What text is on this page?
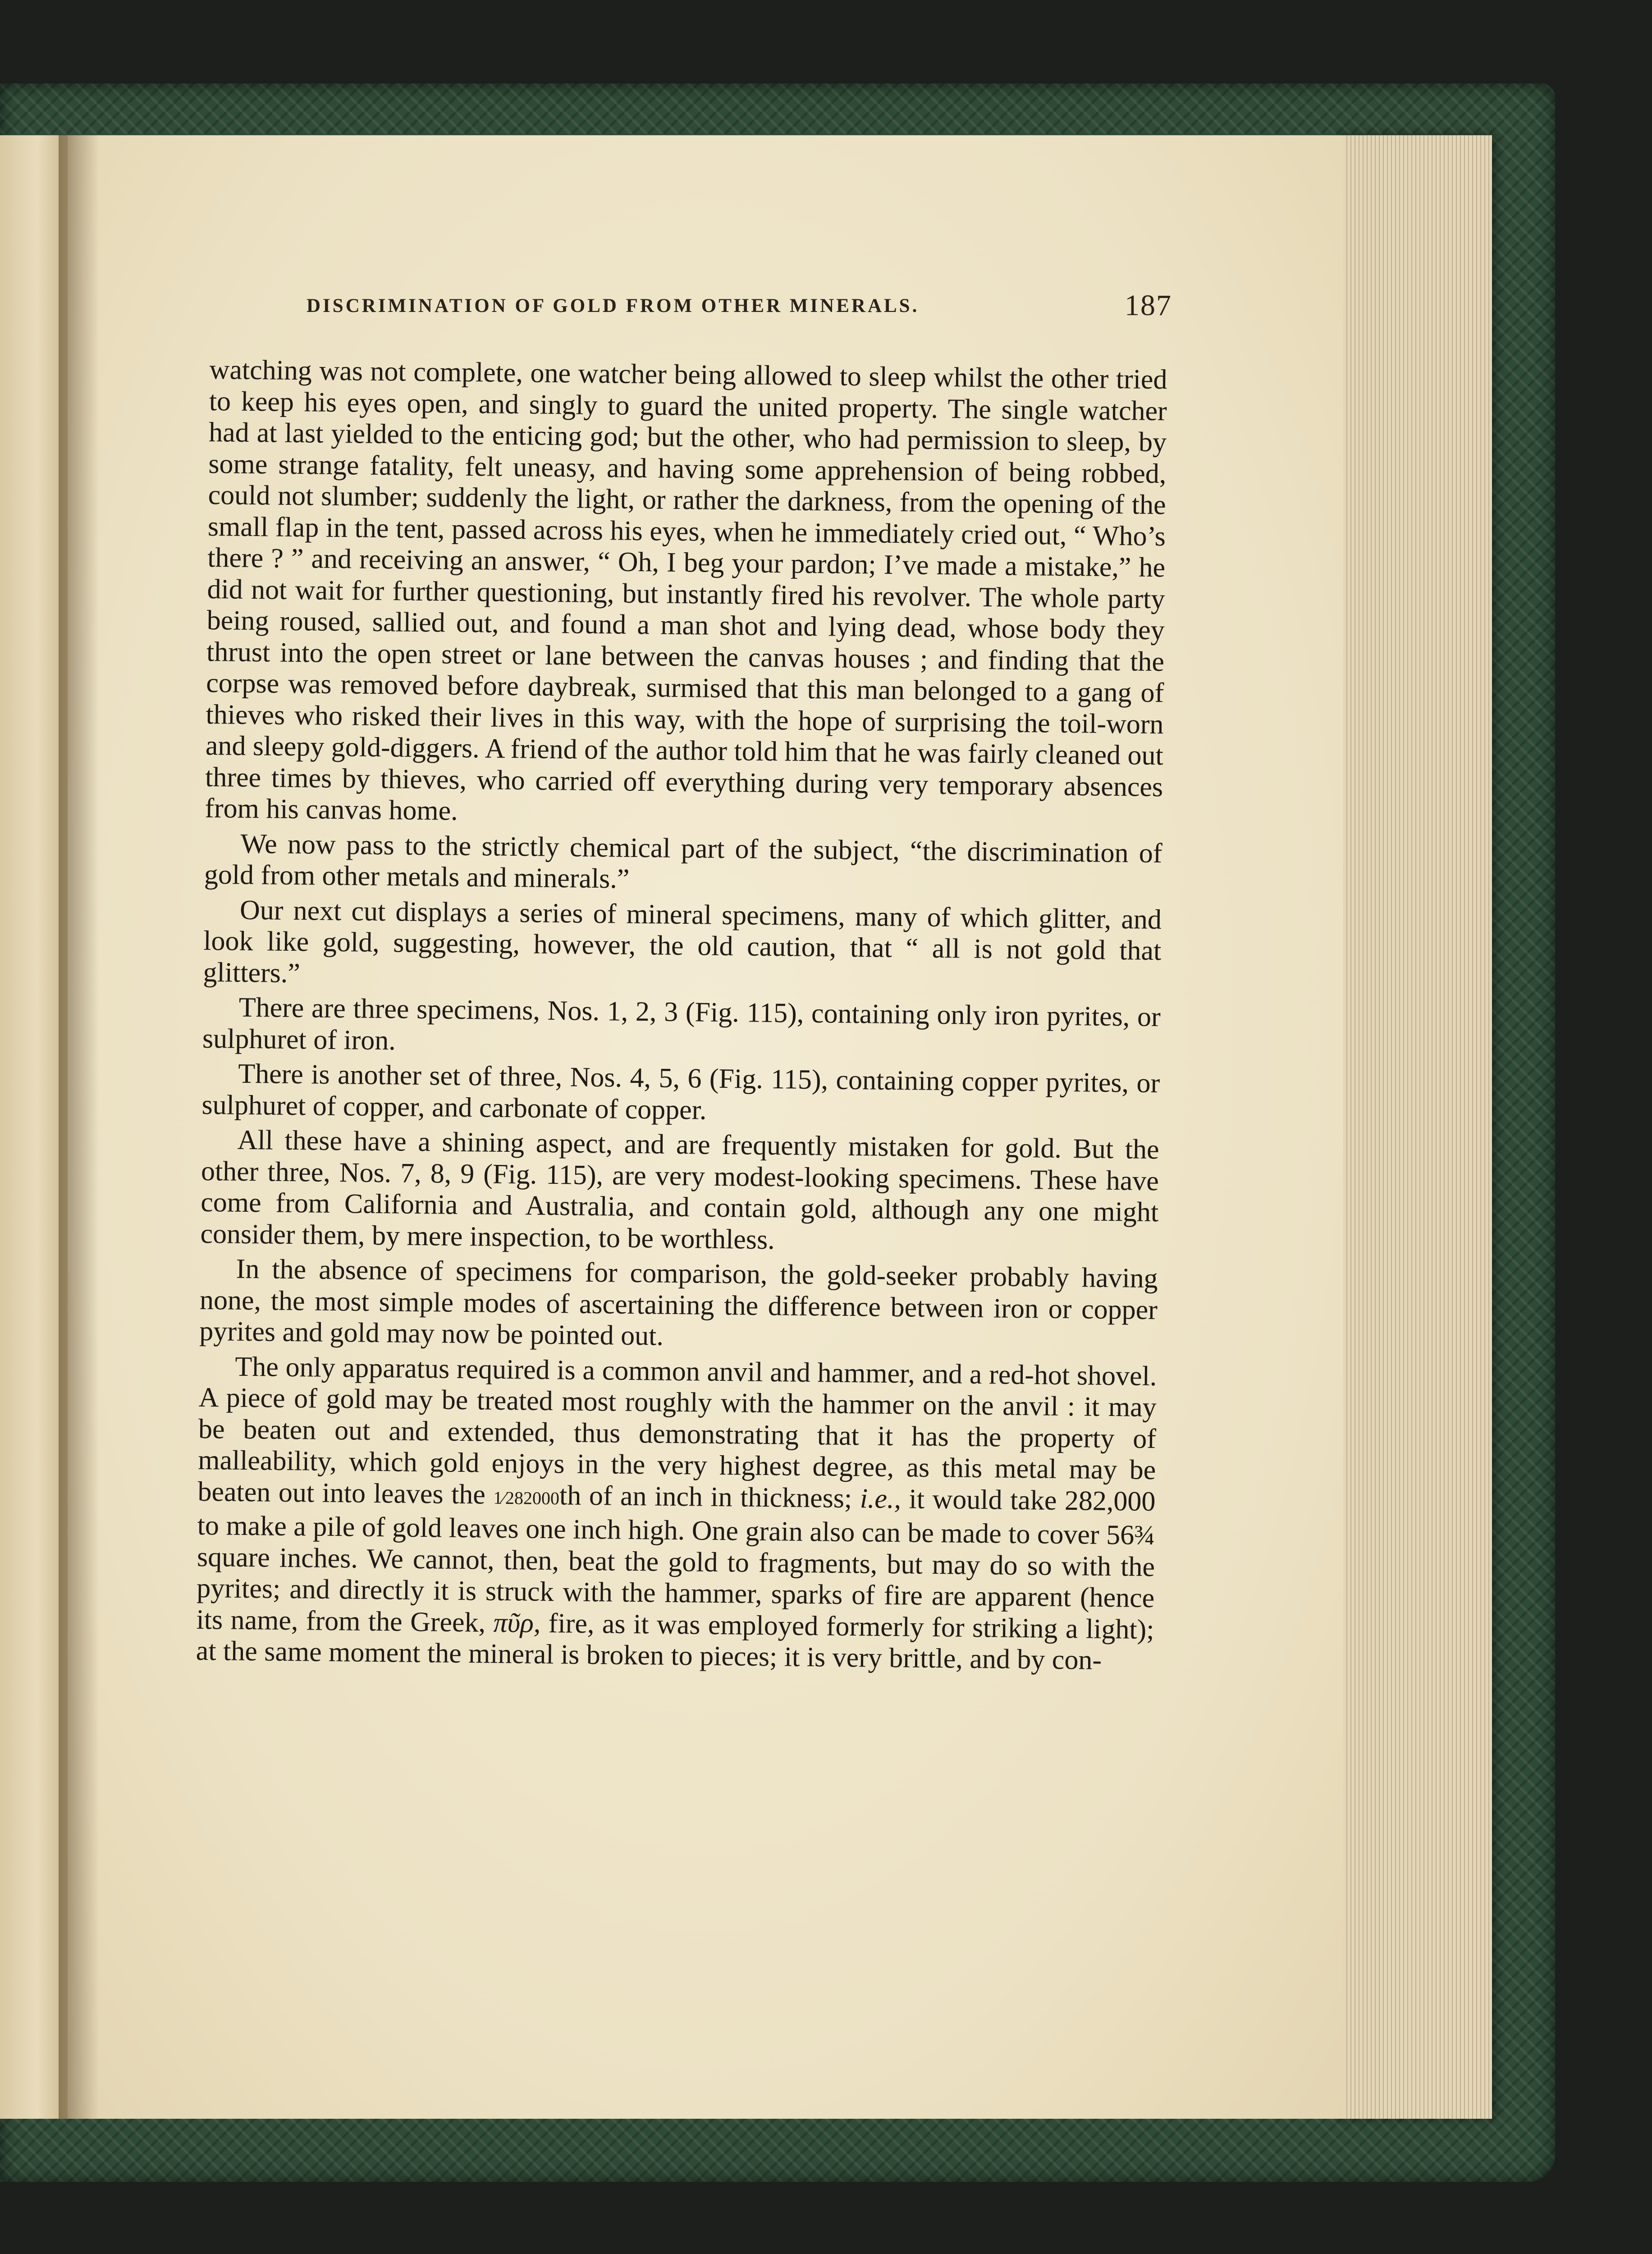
DISCRIMINATION OF GOLD FROM OTHER MINERALS.	187

watching was not complete, one watcher being allowed to sleep whilst the other tried to keep his eyes open, and singly to guard the united property. The single watcher had at last yielded to the enticing god; but the other, who had permission to sleep, by some strange fatality, felt uneasy, and having some apprehension of being robbed, could not slumber; suddenly the light, or rather the darkness, from the opening of the small flap in the tent, passed across his eyes, when he immediately cried out, “ Who’s there ? ” and receiving an answer, “ Oh, I beg your pardon; I’ve made a mistake,” he did not wait for further questioning, but instantly fired his revolver. The whole party being roused, sallied out, and found a man shot and lying dead, whose body they thrust into the open street or lane between the canvas houses ; and finding that the corpse was removed before daybreak, surmised that this man belonged to a gang of thieves who risked their lives in this way, with the hope of surprising the toil-worn and sleepy gold-diggers. A friend of the author told him that he was fairly cleaned out three times by thieves, who carried off everything during very temporary absences from his canvas home.

We now pass to the strictly chemical part of the subject, “the discrimination of gold from other metals and minerals.”

Our next cut displays a series of mineral specimens, many of which glitter, and look like gold, suggesting, however, the old caution, that “ all is not gold that glitters.”

There are three specimens, Nos. 1, 2, 3 (Fig. 115), containing only iron pyrites, or sulphuret of iron.

There is another set of three, Nos. 4, 5, 6 (Fig. 115), containing copper pyrites, or sulphuret of copper, and carbonate of copper.

All these have a shining aspect, and are frequently mistaken for gold. But the other three, Nos. 7, 8, 9 (Fig. 115), are very modest-looking specimens. These have come from California and Australia, and contain gold, although any one might consider them, by mere inspection, to be worthless.

In the absence of specimens for comparison, the gold-seeker probably having none, the most simple modes of ascertaining the difference between iron or copper pyrites and gold may now be pointed out.

The only apparatus required is a common anvil and hammer, and a red-hot shovel. A piece of gold may be treated most roughly with the hammer on the anvil : it may be beaten out and extended, thus demonstrating that it has the property of malleability, which gold enjoys in the very highest degree, as this metal may be beaten out into leaves the 1⁄282000th of an inch in thickness; i.e., it would take 282,000 to make a pile of gold leaves one inch high. One grain also can be made to cover 56¾ square inches. We cannot, then, beat the gold to fragments, but may do so with the pyrites; and directly it is struck with the hammer, sparks of fire are apparent (hence its name, from the Greek, πῦρ, fire, as it was employed formerly for striking a light); at the same moment the mineral is broken to pieces; it is very brittle, and by con-
